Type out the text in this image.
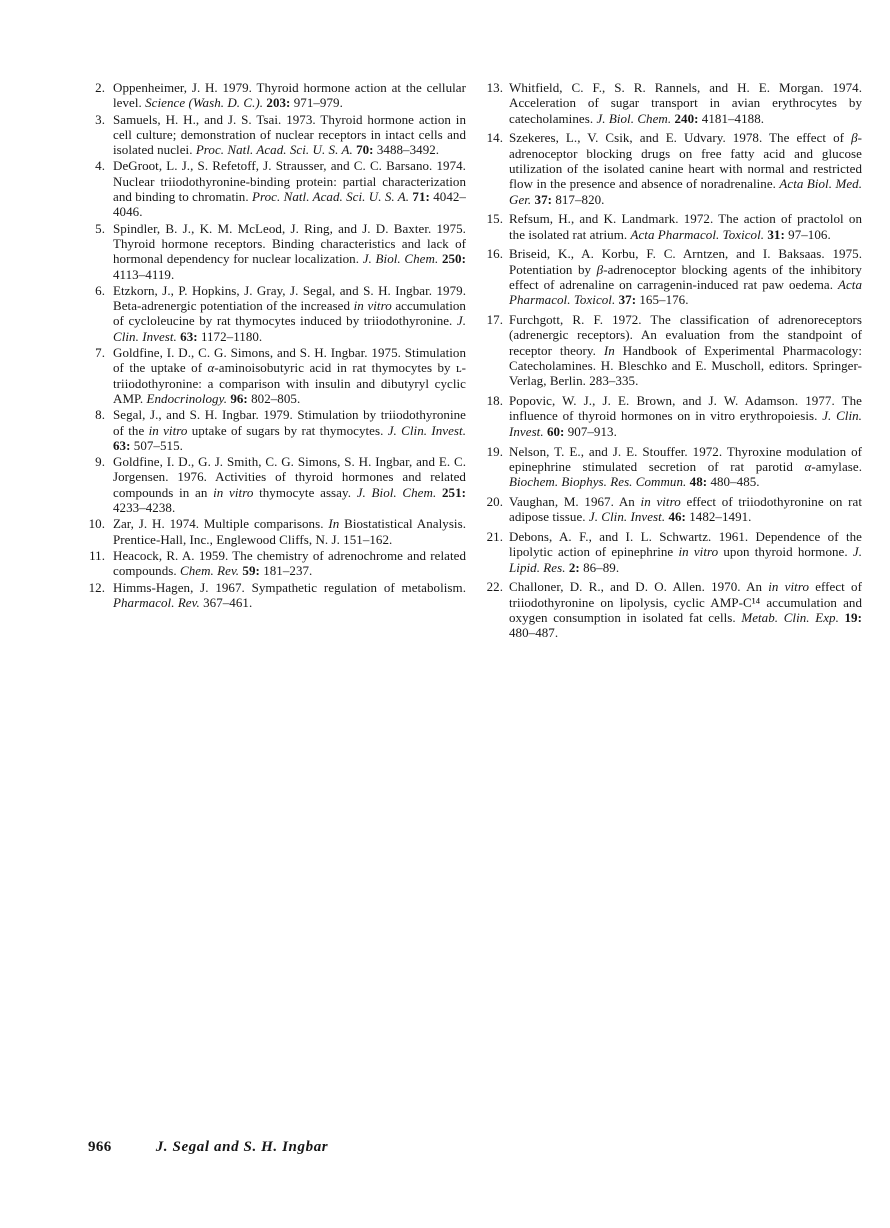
2. Oppenheimer, J. H. 1979. Thyroid hormone action at the cellular level. Science (Wash. D. C.). 203: 971–979.
3. Samuels, H. H., and J. S. Tsai. 1973. Thyroid hormone action in cell culture; demonstration of nuclear receptors in intact cells and isolated nuclei. Proc. Natl. Acad. Sci. U. S. A. 70: 3488–3492.
4. DeGroot, L. J., S. Refetoff, J. Strausser, and C. C. Barsano. 1974. Nuclear triiodothyronine-binding protein: partial characterization and binding to chromatin. Proc. Natl. Acad. Sci. U. S. A. 71: 4042–4046.
5. Spindler, B. J., K. M. McLeod, J. Ring, and J. D. Baxter. 1975. Thyroid hormone receptors. Binding characteristics and lack of hormonal dependency for nuclear localization. J. Biol. Chem. 250: 4113–4119.
6. Etzkorn, J., P. Hopkins, J. Gray, J. Segal, and S. H. Ingbar. 1979. Beta-adrenergic potentiation of the increased in vitro accumulation of cycloleucine by rat thymocytes induced by triiodothyronine. J. Clin. Invest. 63: 1172–1180.
7. Goldfine, I. D., C. G. Simons, and S. H. Ingbar. 1975. Stimulation of the uptake of α-aminoisobutyric acid in rat thymocytes by ʟ-triiodothyronine: a comparison with insulin and dibutyryl cyclic AMP. Endocrinology. 96: 802–805.
8. Segal, J., and S. H. Ingbar. 1979. Stimulation by triiodothyronine of the in vitro uptake of sugars by rat thymocytes. J. Clin. Invest. 63: 507–515.
9. Goldfine, I. D., G. J. Smith, C. G. Simons, S. H. Ingbar, and E. C. Jorgensen. 1976. Activities of thyroid hormones and related compounds in an in vitro thymocyte assay. J. Biol. Chem. 251: 4233–4238.
10. Zar, J. H. 1974. Multiple comparisons. In Biostatistical Analysis. Prentice-Hall, Inc., Englewood Cliffs, N. J. 151–162.
11. Heacock, R. A. 1959. The chemistry of adrenochrome and related compounds. Chem. Rev. 59: 181–237.
12. Himms-Hagen, J. 1967. Sympathetic regulation of metabolism. Pharmacol. Rev. 367–461.
13. Whitfield, C. F., S. R. Rannels, and H. E. Morgan. 1974. Acceleration of sugar transport in avian erythrocytes by catecholamines. J. Biol. Chem. 240: 4181–4188.
14. Szekeres, L., V. Csik, and E. Udvary. 1978. The effect of β-adrenoceptor blocking drugs on free fatty acid and glucose utilization of the isolated canine heart with normal and restricted flow in the presence and absence of noradrenaline. Acta Biol. Med. Ger. 37: 817–820.
15. Refsum, H., and K. Landmark. 1972. The action of practolol on the isolated rat atrium. Acta Pharmacol. Toxicol. 31: 97–106.
16. Briseid, K., A. Korbu, F. C. Arntzen, and I. Baksaas. 1975. Potentiation by β-adrenoceptor blocking agents of the inhibitory effect of adrenaline on carragenin-induced rat paw oedema. Acta Pharmacol. Toxicol. 37: 165–176.
17. Furchgott, R. F. 1972. The classification of adrenoreceptors (adrenergic receptors). An evaluation from the standpoint of receptor theory. In Handbook of Experimental Pharmacology: Catecholamines. H. Bleschko and E. Muscholl, editors. Springer-Verlag, Berlin. 283–335.
18. Popovic, W. J., J. E. Brown, and J. W. Adamson. 1977. The influence of thyroid hormones on in vitro erythropoiesis. J. Clin. Invest. 60: 907–913.
19. Nelson, T. E., and J. E. Stouffer. 1972. Thyroxine modulation of epinephrine stimulated secretion of rat parotid α-amylase. Biochem. Biophys. Res. Commun. 48: 480–485.
20. Vaughan, M. 1967. An in vitro effect of triiodothyronine on rat adipose tissue. J. Clin. Invest. 46: 1482–1491.
21. Debons, A. F., and I. L. Schwartz. 1961. Dependence of the lipolytic action of epinephrine in vitro upon thyroid hormone. J. Lipid. Res. 2: 86–89.
22. Challoner, D. R., and D. O. Allen. 1970. An in vitro effect of triiodothyronine on lipolysis, cyclic AMP-C¹⁴ accumulation and oxygen consumption in isolated fat cells. Metab. Clin. Exp. 19: 480–487.
966	J. Segal and S. H. Ingbar
